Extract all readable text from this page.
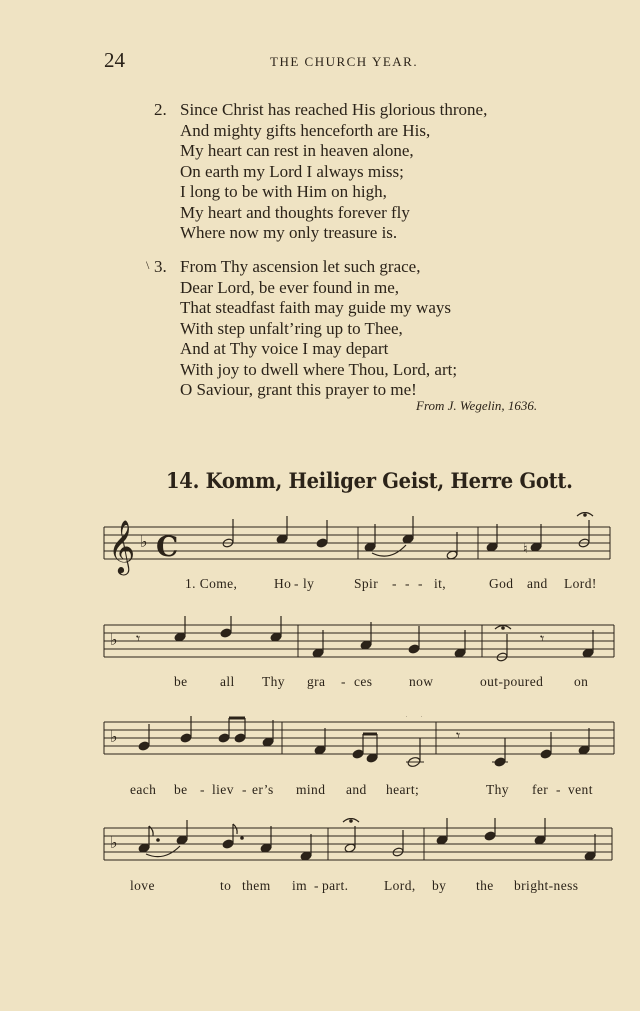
24	THE CHURCH YEAR.
2. Since Christ has reached His glorious throne,
And mighty gifts henceforth are His,
My heart can rest in heaven alone,
On earth my Lord I always miss;
I long to be with Him on high,
My heart and thoughts forever fly
Where now my only treasure is.
\ 3. From Thy ascension let such grace,
Dear Lord, be ever found in me,
That steadfast faith may guide my ways
With step unfalt’ring up to Thee,
And at Thy voice I may depart
With joy to dwell where Thou, Lord, art;
O Saviour, grant this prayer to me!
From J. Wegelin, 1636.
14. Komm, Heiliger Geist, Herre Gott.
𝄞 ♭ C	♮
1. Come,	Ho - ly	Spir - - - it,	God and Lord!
♭ 𝄾	𝄾
be all Thy gra - ces	now	out-poured on
♭	𝄾
each be - liev - er’s mind and heart;	Thy fer - vent
♭
love	to them im - part.	Lord, by the bright-ness
